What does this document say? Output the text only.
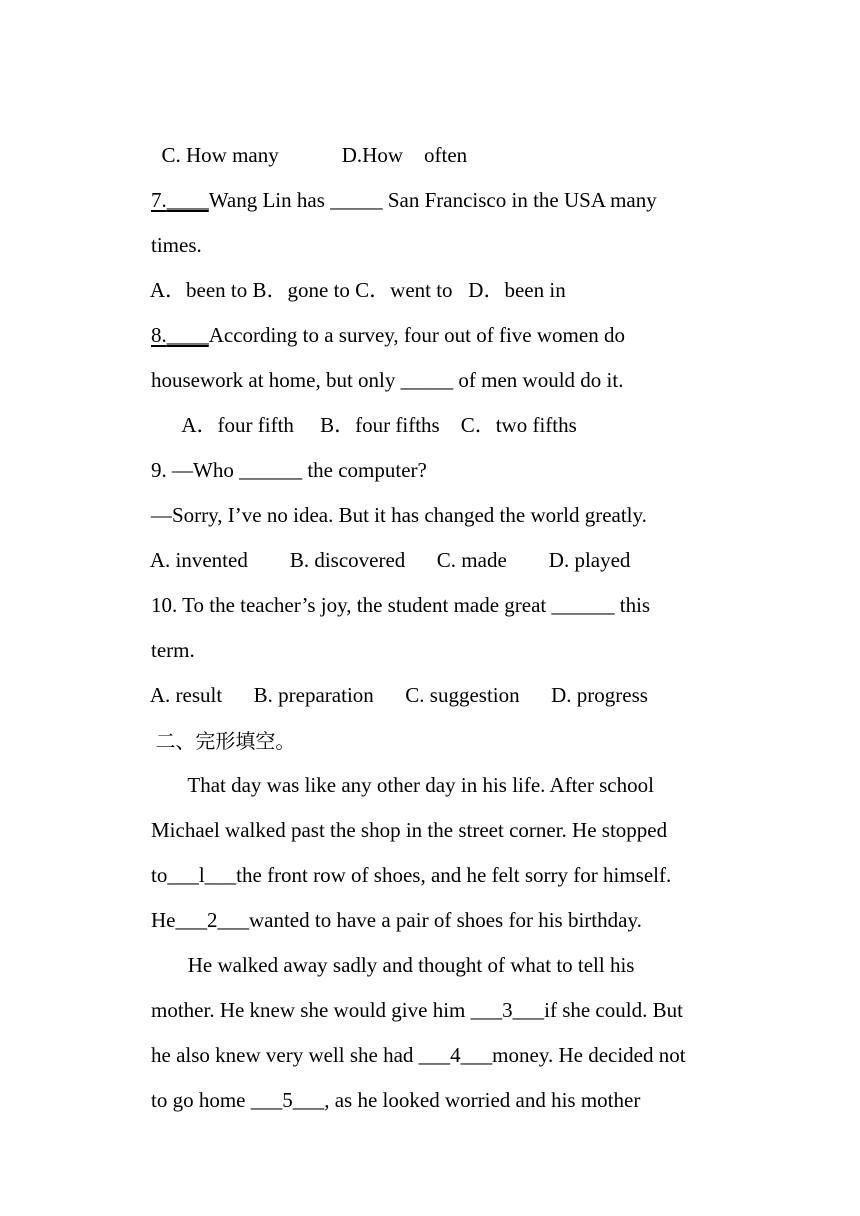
C. How many            D.How    often

7.____Wang Lin has _____ San Francisco in the USA many

times.

A．been to B．gone to C．went to   D．been in

8.____According to a survey, four out of five women do

housework at home, but only _____ of men would do it.

A．four fifth     B．four fifths    C．two fifths

9. —Who ______ the computer?

—Sorry, I’ve no idea. But it has changed the world greatly.

A. invented        B. discovered      C. made        D. played

10. To the teacher’s joy, the student made great ______ this

term.

A. result      B. preparation      C. suggestion      D. progress

二、完形填空。

That day was like any other day in his life. After school

Michael walked past the shop in the street corner. He stopped

to___l___the front row of shoes, and he felt sorry for himself.

He___2___wanted to have a pair of shoes for his birthday.

He walked away sadly and thought of what to tell his

mother. He knew she would give him ___3___if she could. But

he also knew very well she had ___4___money. He decided not

to go home ___5___, as he looked worried and his mother
